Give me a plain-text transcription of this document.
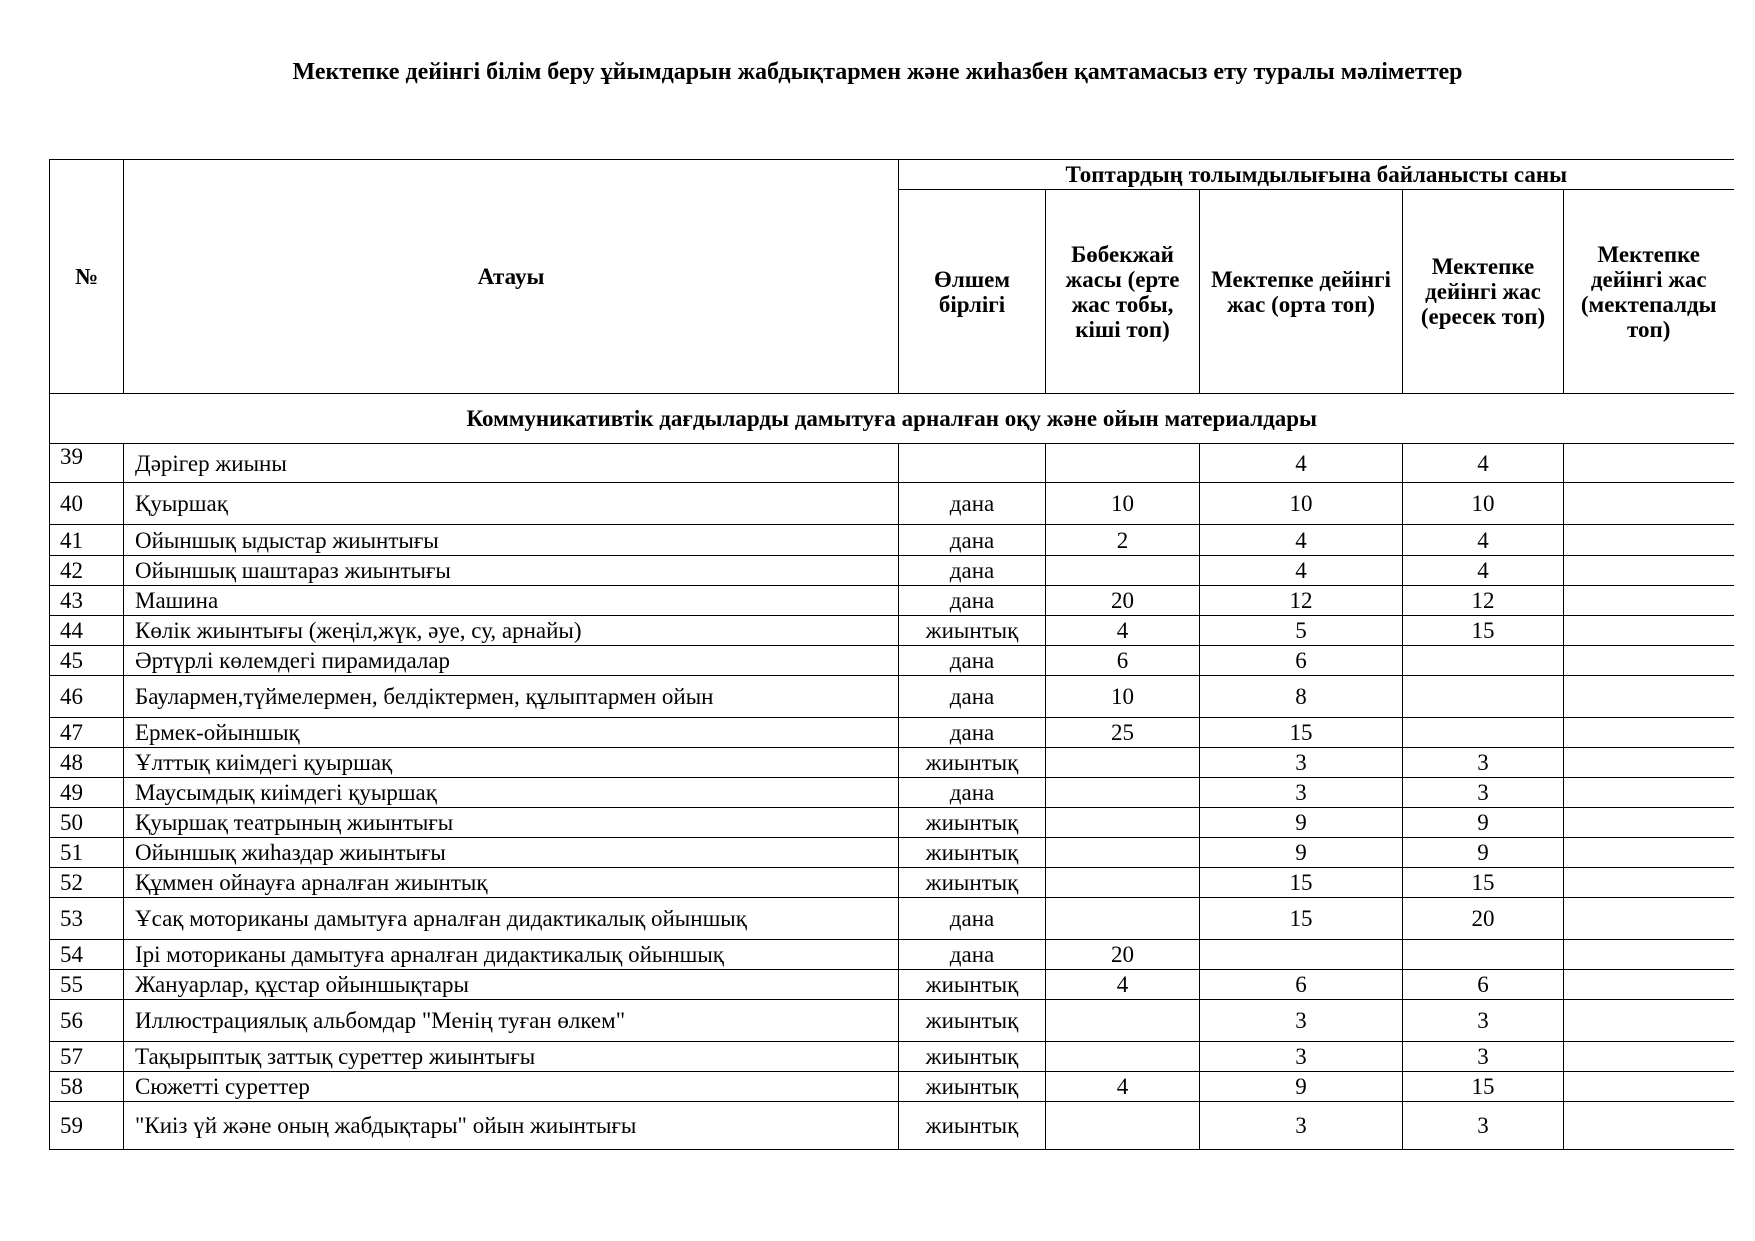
Мектепке дейінгі білім беру ұйымдарын жабдықтармен және жиһазбен қамтамасыз ету туралы мәліметтер
№	Атауы	Топтардың толымдылығына байланысты саны				
		Өлшем бірлігі	Бөбекжай жасы (ерте жас тобы, кіші топ)	Мектепке дейінгі жас (орта топ)	Мектепке дейінгі жас (ересек топ)	Мектепке дейінгі жас (мектепалды топ)
Коммуникативтік дағдыларды дамытуға арналған оқу және ойын материалдары						
39	Дәрігер жиыны			4	4	
40	Қуыршақ	дана	10	10	10	
41	Ойыншық ыдыстар жиынтығы	дана	2	4	4	
42	Ойыншық шаштараз жиынтығы	дана		4	4	
43	Машина	дана	20	12	12	
44	Көлік жиынтығы (жеңіл,жүк, әуе, су, арнайы)	жиынтық	4	5	15	
45	Әртүрлі көлемдегі пирамидалар	дана	6	6		
46	Баулармен,түймелермен, белдіктермен, құлыптармен ойын	дана	10	8		
47	Ермек-ойыншық	дана	25	15		
48	Ұлттық киімдегі қуыршақ	жиынтық		3	3	
49	Маусымдық киімдегі қуыршақ	дана		3	3	
50	Қуыршақ театрының жиынтығы	жиынтық		9	9	
51	Ойыншық жиһаздар жиынтығы	жиынтық		9	9	
52	Құммен ойнауға арналған жиынтық	жиынтық		15	15	
53	Ұсақ моториканы дамытуға арналған дидактикалық ойыншық	дана		15	20	
54	Ірі моториканы дамытуға арналған дидактикалық ойыншық	дана	20			
55	Жануарлар, құстар ойыншықтары	жиынтық	4	6	6	
56	Иллюстрациялық альбомдар "Менің туған өлкем"	жиынтық		3	3	
57	Тақырыптық заттық суреттер жиынтығы	жиынтық		3	3	
58	Сюжетті суреттер	жиынтық	4	9	15	
59	"Киіз үй және оның жабдықтары" ойын жиынтығы	жиынтық		3	3	
